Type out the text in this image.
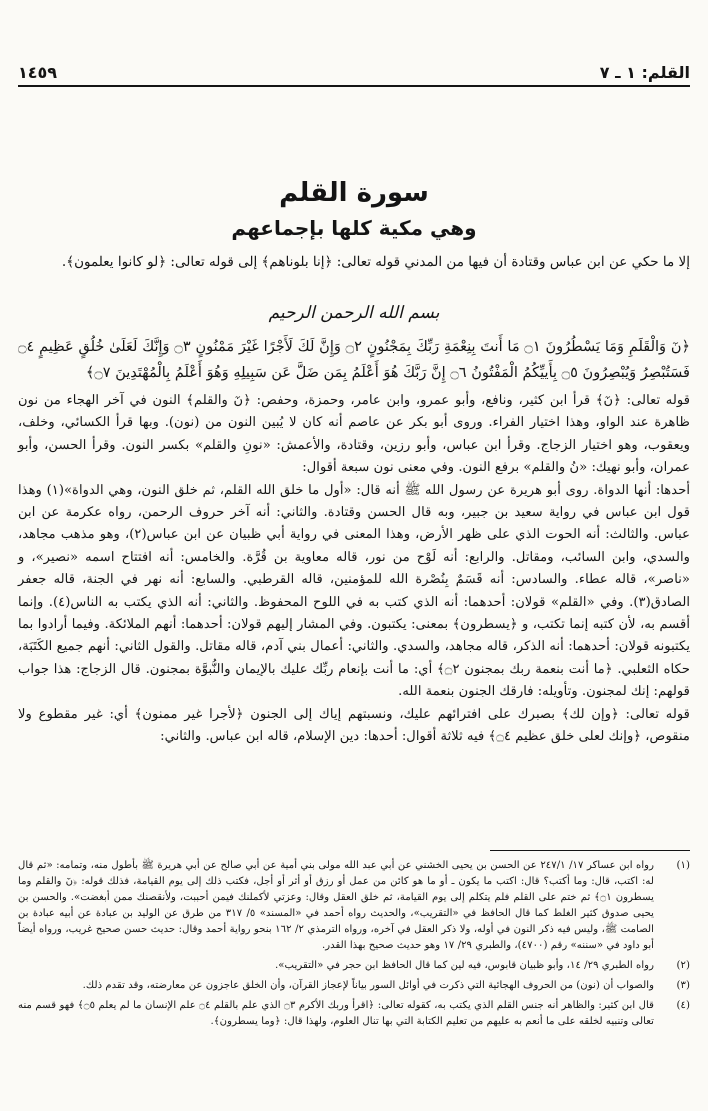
القلم: ١ ـ ٧
١٤٥٩
سورة القلم
وهي مكية كلها بإجماعهم
إلا ما حكي عن ابن عباس وقتادة أن فيها من المدني قوله تعالى: ﴿إنا بلوناهم﴾ إلى قوله تعالى: ﴿لو كانوا يعلمون﴾.
بسم الله الرحمن الرحيم
﴿نٓ وَالْقَلَمِ وَمَا يَسْطُرُونَ ۝١ مَا أَنتَ بِنِعْمَةِ رَبِّكَ بِمَجْنُونٍ ۝٢ وَإِنَّ لَكَ لَأَجْرًا غَيْرَ مَمْنُونٍ ۝٣ وَإِنَّكَ لَعَلَىٰ خُلُقٍ عَظِيمٍ ۝٤ فَسَتُبْصِرُ وَيُبْصِرُونَ ۝٥ بِأَييِّكُمُ الْمَفْتُونُ ۝٦ إِنَّ رَبَّكَ هُوَ أَعْلَمُ بِمَن ضَلَّ عَن سَبِيلِهِ وَهُوَ أَعْلَمُ بِالْمُهْتَدِينَ ۝٧﴾

قوله تعالى: ﴿نٓ﴾ قرأ ابن كثير، ونافع، وأبو عمرو، وابن عامر، وحمزة، وحفص: ﴿نٓ والقلم﴾ النون في آخر الهجاء من نون ظاهرة عند الواو، وهذا اختيار الفراء. وروى أبو بكر عن عاصم أنه كان لا يُبين النون من (نون). وبها قرأ الكسائي، وخلف، ويعقوب، وهو اختيار الزجاج. وقرأ ابن عباس، وأبو رزين، وقتادة، والأعمش: «نونِ والقلم» بكسر النون. وقرأ الحسن، وأبو عمران، وأبو نهيك: «نُ والقلم» برفع النون. وفي معنى نون سبعة أقوال:

أحدها: أنها الدواة. روى أبو هريرة عن رسول الله ﷺ أنه قال: «أول ما خلق الله القلم، ثم خلق النون، وهي الدواة»(١) وهذا قول ابن عباس في رواية سعيد بن جبير، وبه قال الحسن وقتادة. والثاني: أنه آخر حروف الرحمن، رواه عكرمة عن ابن عباس. والثالث: أنه الحوت الذي على ظهر الأرض، وهذا المعنى في رواية أبي ظبيان عن ابن عباس(٢)، وهو مذهب مجاهد، والسدي، وابن السائب، ومقاتل. والرابع: أنه لَوْح من نور، قاله معاوية بن قُرَّة. والخامس: أنه افتتاح اسمه «نصير»، و «ناصر»، قاله عطاء. والسادس: أنه قَسَمٌ بِنُصْرة الله للمؤمنين، قاله القرطبي. والسابع: أنه نهر في الجنة، قاله جعفر الصادق(٣). وفي «القلم» قولان: أحدهما: أنه الذي كتب به في اللوح المحفوظ. والثاني: أنه الذي يكتب به الناس(٤). وإنما أقسم به، لأن كتبه إنما تكتب، و ﴿يسطرون﴾ بمعنى: يكتبون. وفي المشار إليهم قولان: أحدهما: أنهم الملائكة. وفيما أرادوا بما يكتبونه قولان: أحدهما: أنه الذكر، قاله مجاهد، والسدي. والثاني: أعمال بني آدم، قاله مقاتل. والقول الثاني: أنهم جميع الكَتَبَة، حكاه الثعلبي. ﴿ما أنت بنعمة ربك بمجنون ۝٢﴾ أي: ما أنت بإنعام ربِّك عليك بالإيمان والنُّبوَّة بمجنون. قال الزجاج: هذا جواب قولهم: إنك لمجنون. وتأويله: فارقك الجنون بنعمة الله.

قوله تعالى: ﴿وإن لك﴾ بصبرك على افترائهم عليك، ونسبتهم إياك إلى الجنون ﴿لأجرا غير ممنون﴾ أي: غير مقطوع ولا منقوص، ﴿وإنك لعلى خلق عظيم ۝٤﴾ فيه ثلاثة أقوال: أحدها: دين الإسلام، قاله ابن عباس. والثاني:

(١)
رواه ابن عساكر ١٧/ ٢٤٧/١ عن الحسن بن يحيى الخشني عن أبي عبد الله مولى بني أمية عن أبي صالح عن أبي هريرة ﷺ بأطول منه، وتمامه: «ثم قال له: اكتب، قال: وما أكتب؟ قال: اكتب ما يكون ـ أو ما هو كائن من عمل أو رزق أو أثر أو أجل، فكتب ذلك إلى يوم القيامة، فذلك قوله: ﴿نٓ والقلم وما يسطرون ۝١﴾ ثم ختم على القلم فلم يتكلم إلى يوم القيامة، ثم خلق العقل وقال: وعزتي لأكملنك فيمن أحببت، ولأنقصنك ممن أبغضت». والحسن بن يحيى صدوق كثير الغلط كما قال الحافظ في «التقريب»، والحديث رواه أحمد في «المسند» ٥/ ٣١٧ من طرق عن الوليد بن عبادة عن أبيه عبادة بن الصامت ﷺ، وليس فيه ذكر النون في أوله، ولا ذكر العقل في آخره، ورواه الترمذي ٢/ ١٦٢ بنحو رواية أحمد وقال: حديث حسن صحيح غريب، ورواه أيضاً أبو داود في «سننه» رقم (٤٧٠٠)، والطبري ٢٩/ ١٧ وهو حديث صحيح بهذا القدر.
(٢)
رواه الطبري ٢٩/ ١٤، وأبو ظبيان قابوس، فيه لين كما قال الحافظ ابن حجر في «التقريب».
(٣)
والصواب أن (نون) من الحروف الهجائية التي ذكرت في أوائل السور بياناً لإعجاز القرآن، وأن الخلق عاجزون عن معارضته، وقد تقدم ذلك.
(٤)
قال ابن كثير: والظاهر أنه جنس القلم الذي يكتب به، كقوله تعالى: ﴿اقرأ وربك الأكرم ۝٣ الذي علم بالقلم ۝٤ علم الإنسان ما لم يعلم ۝٥﴾ فهو قسم منه تعالى وتنبيه لخلقه على ما أنعم به عليهم من تعليم الكتابة التي بها تنال العلوم، ولهذا قال: ﴿وما يسطرون﴾.
